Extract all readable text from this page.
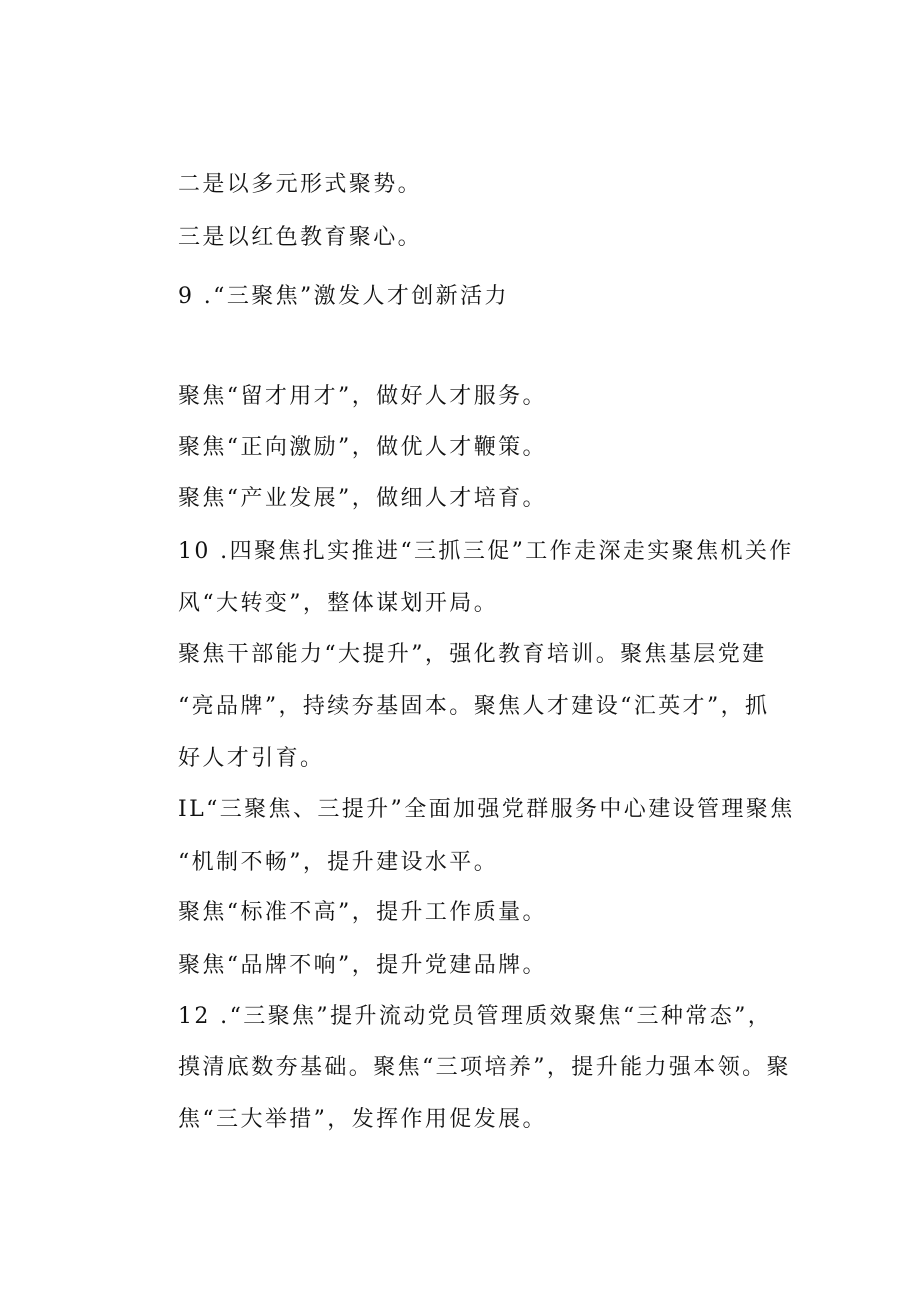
二是以多元形式聚势。
三是以红色教育聚心。
9 .“三聚焦”激发人才创新活力
聚焦“留才用才”，做好人才服务。
聚焦“正向激励”，做优人才鞭策。
聚焦“产业发展”，做细人才培育。
10 .四聚焦扎实推进“三抓三促”工作走深走实聚焦机关作
风“大转变”，整体谋划开局。
聚焦干部能力“大提升”，强化教育培训。聚焦基层党建
“亮品牌”，持续夯基固本。聚焦人才建设“汇英才”，抓
好人才引育。
IL“三聚焦、三提升”全面加强党群服务中心建设管理聚焦
“机制不畅”，提升建设水平。
聚焦“标准不高”，提升工作质量。
聚焦“品牌不响”，提升党建品牌。
12 .“三聚焦”提升流动党员管理质效聚焦“三种常态”，
摸清底数夯基础。聚焦“三项培养”，提升能力强本领。聚
焦“三大举措”，发挥作用促发展。
